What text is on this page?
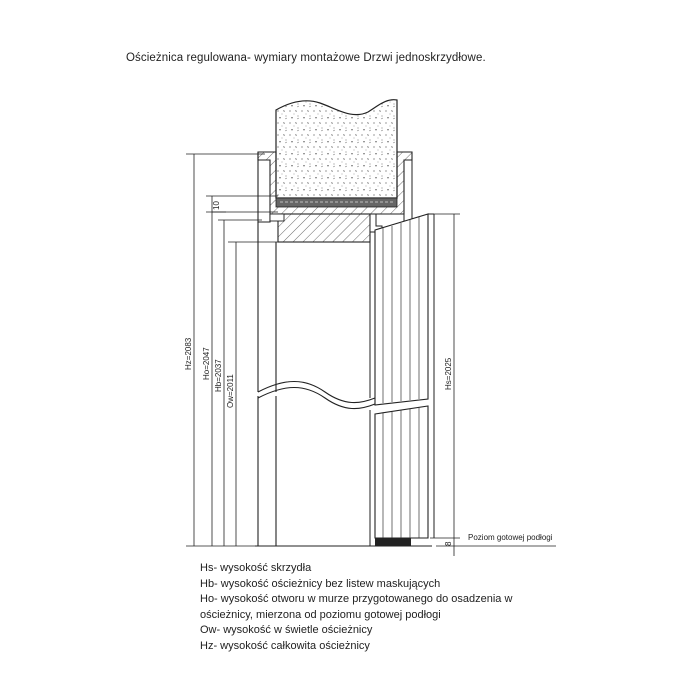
Ościeżnica regulowana- wymiary montażowe Drzwi jednoskrzydłowe.
Hz=2083 Ho=2047 Hb=2037 Ow=2011
Hs=2025
10
8
Poziom gotowej podłogi
Hs- wysokość skrzydła
Hb- wysokość ościeżnicy bez listew maskujących
Ho- wysokość otworu w murze przygotowanego do osadzenia w
ościeżnicy, mierzona od poziomu gotowej podłogi
Ow- wysokość w świetle ościeżnicy
Hz- wysokość całkowita ościeżnicy
